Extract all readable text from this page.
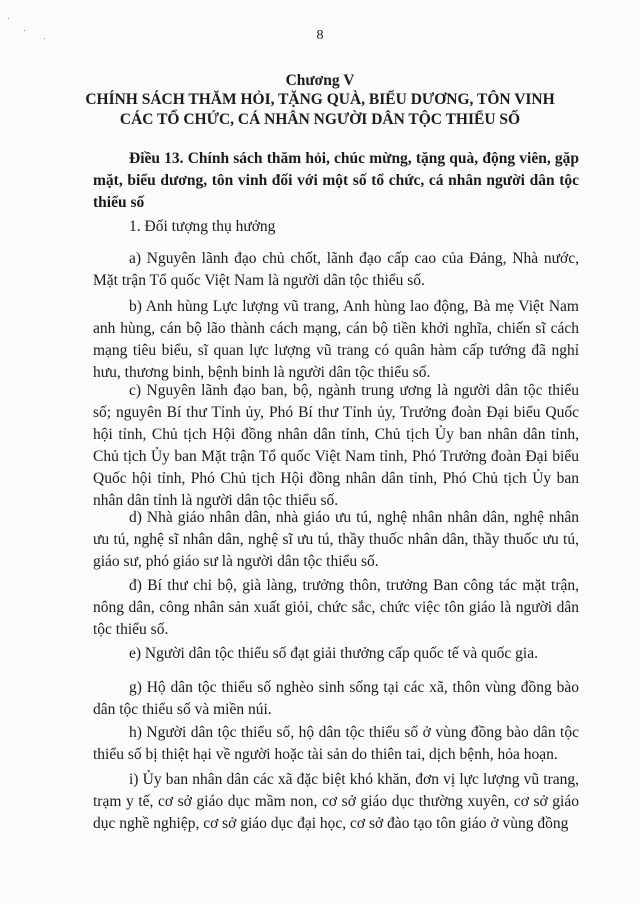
8
Chương V
CHÍNH SÁCH THĂM HỎI, TẶNG QUÀ, BIỂU DƯƠNG, TÔN VINH
CÁC TỔ CHỨC, CÁ NHÂN NGƯỜI DÂN TỘC THIỂU SỐ

Điều 13. Chính sách thăm hỏi, chúc mừng, tặng quà, động viên, gặp mặt, biểu dương, tôn vinh đối với một số tổ chức, cá nhân người dân tộc thiểu số

1. Đối tượng thụ hưởng

a) Nguyên lãnh đạo chủ chốt, lãnh đạo cấp cao của Đảng, Nhà nước, Mặt trận Tổ quốc Việt Nam là người dân tộc thiểu số.

b) Anh hùng Lực lượng vũ trang, Anh hùng lao động, Bà mẹ Việt Nam anh hùng, cán bộ lão thành cách mạng, cán bộ tiền khởi nghĩa, chiến sĩ cách mạng tiêu biểu, sĩ quan lực lượng vũ trang có quân hàm cấp tướng đã nghỉ hưu, thương binh, bệnh binh là người dân tộc thiểu số.

c) Nguyên lãnh đạo ban, bộ, ngành trung ương là người dân tộc thiểu số; nguyên Bí thư Tỉnh ủy, Phó Bí thư Tỉnh ủy, Trưởng đoàn Đại biểu Quốc hội tỉnh, Chủ tịch Hội đồng nhân dân tỉnh, Chủ tịch Ủy ban nhân dân tỉnh, Chủ tịch Ủy ban Mặt trận Tổ quốc Việt Nam tỉnh, Phó Trưởng đoàn Đại biểu Quốc hội tỉnh, Phó Chủ tịch Hội đồng nhân dân tỉnh, Phó Chủ tịch Ủy ban nhân dân tỉnh là người dân tộc thiểu số.

d) Nhà giáo nhân dân, nhà giáo ưu tú, nghệ nhân nhân dân, nghệ nhân ưu tú, nghệ sĩ nhân dân, nghệ sĩ ưu tú, thầy thuốc nhân dân, thầy thuốc ưu tú, giáo sư, phó giáo sư là người dân tộc thiểu số.

đ) Bí thư chi bộ, già làng, trưởng thôn, trưởng Ban công tác mặt trận, nông dân, công nhân sản xuất giỏi, chức sắc, chức việc tôn giáo là người dân tộc thiểu số.

e) Người dân tộc thiểu số đạt giải thưởng cấp quốc tế và quốc gia.

g) Hộ dân tộc thiểu số nghèo sinh sống tại các xã, thôn vùng đồng bào dân tộc thiểu số và miền núi.

h) Người dân tộc thiểu số, hộ dân tộc thiểu số ở vùng đồng bào dân tộc thiểu số bị thiệt hại về người hoặc tài sản do thiên tai, dịch bệnh, hỏa hoạn.

i) Ủy ban nhân dân các xã đặc biệt khó khăn, đơn vị lực lượng vũ trang, trạm y tế, cơ sở giáo dục mầm non, cơ sở giáo dục thường xuyên, cơ sở giáo dục nghề nghiệp, cơ sở giáo dục đại học, cơ sở đào tạo tôn giáo ở vùng đồng
